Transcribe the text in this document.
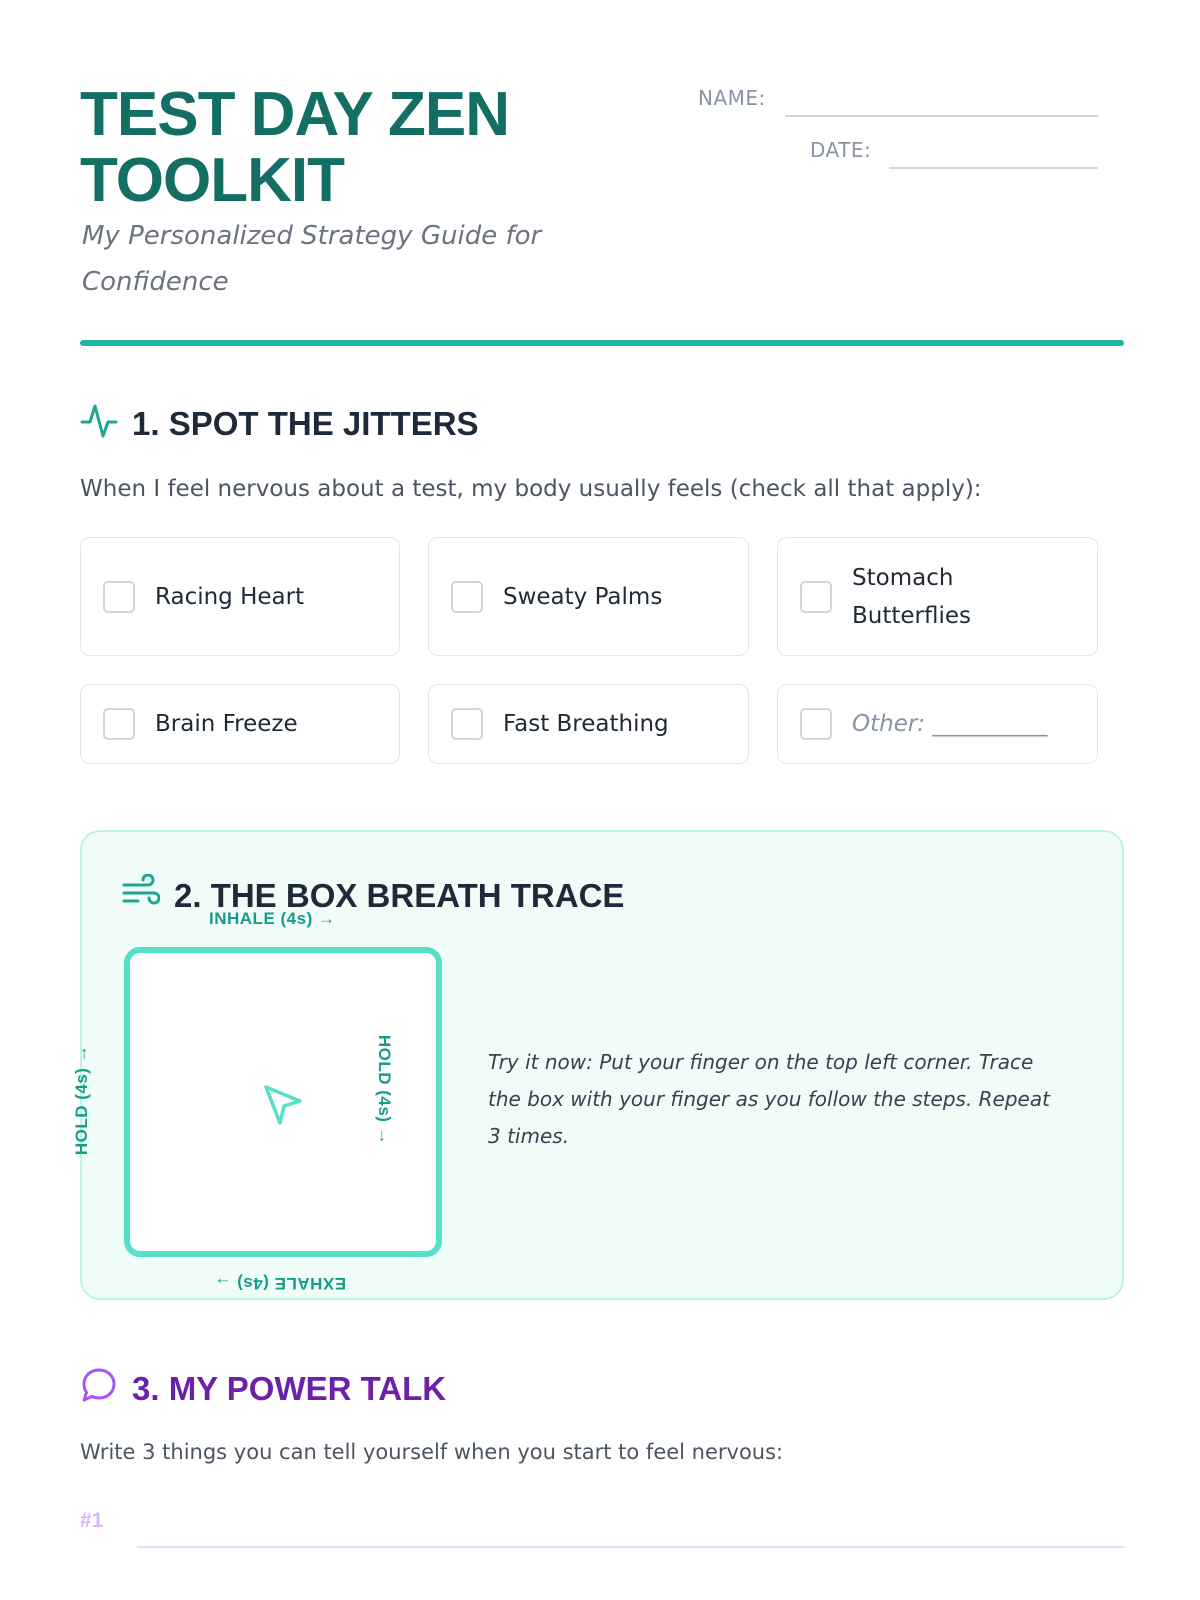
TEST DAY ZEN
TOOLKIT
My Personalized Strategy Guide for Confidence
NAME:
DATE:
1. SPOT THE JITTERS
When I feel nervous about a test, my body usually feels (check all that apply):
Racing Heart	Sweaty Palms
Stomach Butterflies
Brain Freeze	Fast Breathing	Other: __________
2. THE BOX BREATH TRACE
INHALE (4s) →
HOLD (4s) →
EXHALE (4s) →
HOLD (4s) →	Try it now: Put your finger on the top left corner. Trace the box with your finger as you follow the steps. Repeat 3 times.
3. MY POWER TALK
Write 3 things you can tell yourself when you start to feel nervous:
#1
